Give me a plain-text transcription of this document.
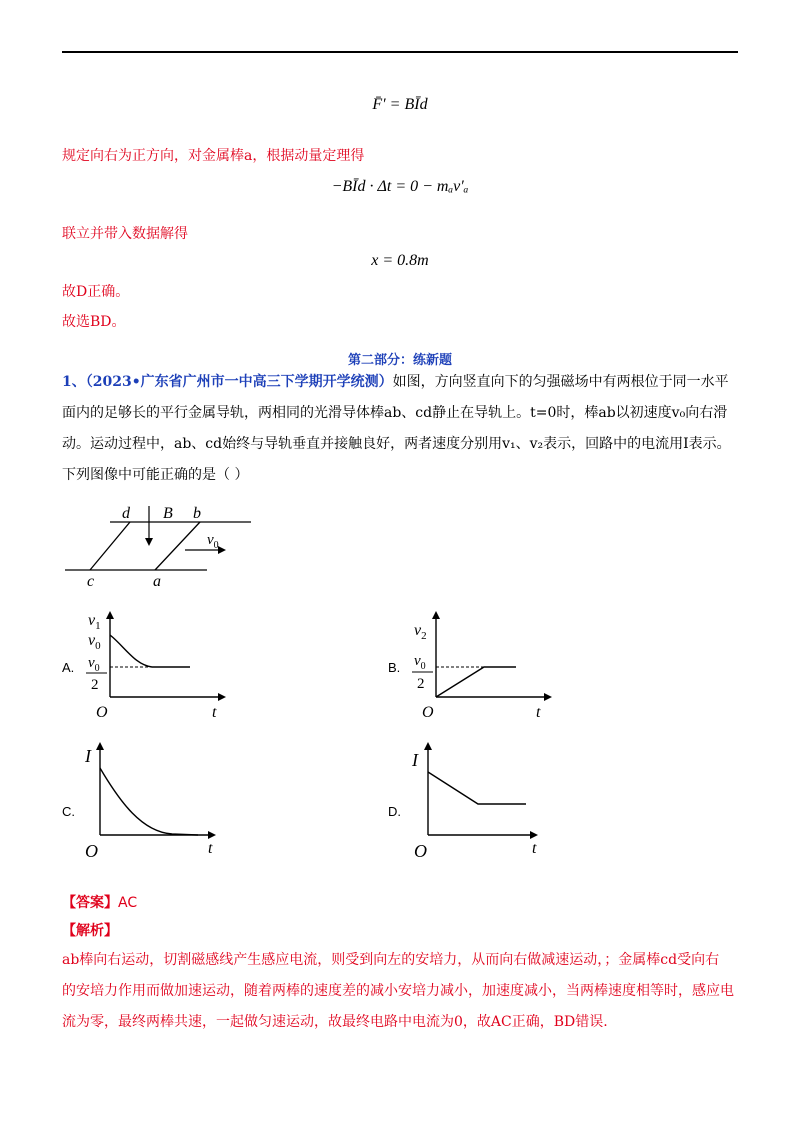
F̄′ = BĪd
规定向右为正方向，对金属棒a，根据动量定理得
−BĪd · Δt = 0 − mₐv′ₐ
联立并带入数据解得
x = 0.8m
故D正确。
故选BD。
第二部分：练新题
1、（2023•广东省广州市一中高三下学期开学统测）如图，方向竖直向下的匀强磁场中有两根位于同一水平
面内的足够长的平行金属导轨，两相同的光滑导体棒ab、cd静止在导轨上。t=0时，棒ab以初速度v₀向右滑
动。运动过程中，ab、cd始终与导轨垂直并接触良好，两者速度分别用v₁、v₂表示，回路中的电流用I表示。
下列图像中可能正确的是（ ）
d B b
$v_0$
c	a
A.
$v_1$
$v_0$
$v_0$
2
O	t
B.
$v_2$
$v_0$
2
O	t
C.
I
O	t
D.
I
O	t
【答案】AC
【解析】
ab棒向右运动，切割磁感线产生感应电流，则受到向左的安培力，从而向右做减速运动，；金属棒cd受向右
的安培力作用而做加速运动，随着两棒的速度差的减小安培力减小，加速度减小，当两棒速度相等时，感应电
流为零，最终两棒共速，一起做匀速运动，故最终电路中电流为0，故AC正确，BD错误.
